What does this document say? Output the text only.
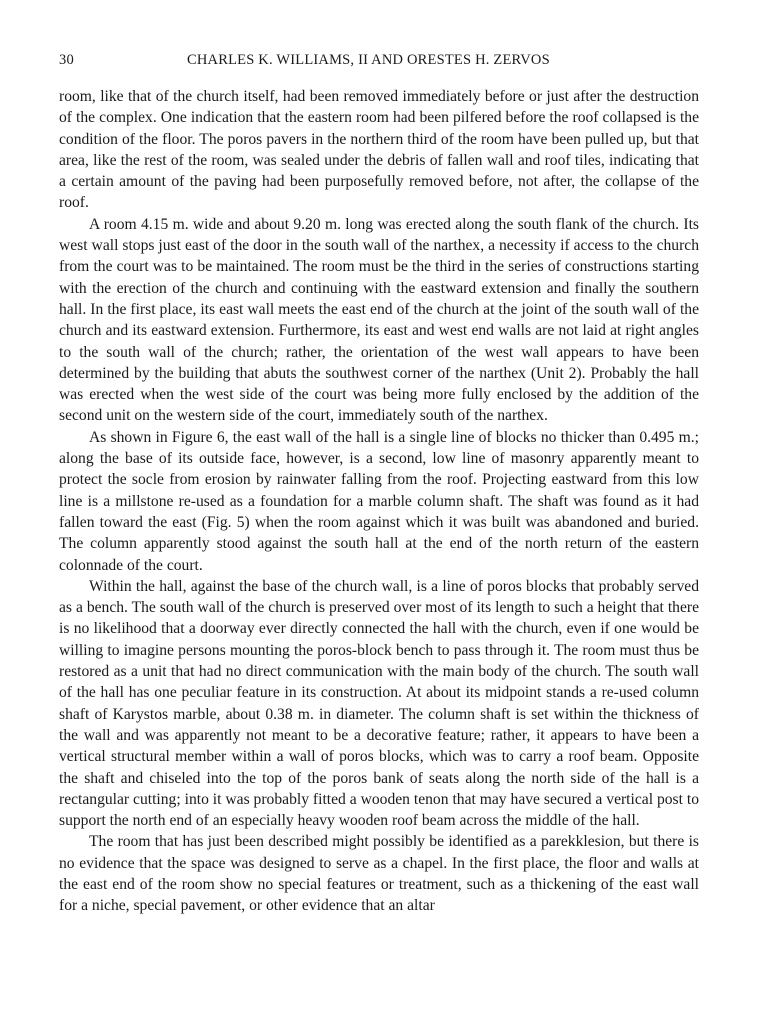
30	CHARLES K. WILLIAMS, II AND ORESTES H. ZERVOS

room, like that of the church itself, had been removed immediately before or just after the destruction of the complex. One indication that the eastern room had been pilfered before the roof collapsed is the condition of the floor. The poros pavers in the northern third of the room have been pulled up, but that area, like the rest of the room, was sealed under the debris of fallen wall and roof tiles, indicating that a certain amount of the paving had been purposefully removed before, not after, the collapse of the roof.

A room 4.15 m. wide and about 9.20 m. long was erected along the south flank of the church. Its west wall stops just east of the door in the south wall of the narthex, a necessity if access to the church from the court was to be maintained. The room must be the third in the series of constructions starting with the erection of the church and continuing with the eastward extension and finally the southern hall. In the first place, its east wall meets the east end of the church at the joint of the south wall of the church and its eastward extension. Furthermore, its east and west end walls are not laid at right angles to the south wall of the church; rather, the orientation of the west wall appears to have been determined by the building that abuts the southwest corner of the narthex (Unit 2). Probably the hall was erected when the west side of the court was being more fully enclosed by the addition of the second unit on the western side of the court, immediately south of the narthex.

As shown in Figure 6, the east wall of the hall is a single line of blocks no thicker than 0.495 m.; along the base of its outside face, however, is a second, low line of masonry apparently meant to protect the socle from erosion by rainwater falling from the roof. Projecting eastward from this low line is a millstone re-used as a foundation for a marble column shaft. The shaft was found as it had fallen toward the east (Fig. 5) when the room against which it was built was abandoned and buried. The column apparently stood against the south hall at the end of the north return of the eastern colonnade of the court.

Within the hall, against the base of the church wall, is a line of poros blocks that probably served as a bench. The south wall of the church is preserved over most of its length to such a height that there is no likelihood that a doorway ever directly connected the hall with the church, even if one would be willing to imagine persons mounting the poros-block bench to pass through it. The room must thus be restored as a unit that had no direct communication with the main body of the church. The south wall of the hall has one peculiar feature in its construction. At about its midpoint stands a re-used column shaft of Karystos marble, about 0.38 m. in diameter. The column shaft is set within the thickness of the wall and was apparently not meant to be a decorative feature; rather, it appears to have been a vertical structural member within a wall of poros blocks, which was to carry a roof beam. Opposite the shaft and chiseled into the top of the poros bank of seats along the north side of the hall is a rectangular cutting; into it was probably fitted a wooden tenon that may have secured a vertical post to support the north end of an especially heavy wooden roof beam across the middle of the hall.

The room that has just been described might possibly be identified as a parekklesion, but there is no evidence that the space was designed to serve as a chapel. In the first place, the floor and walls at the east end of the room show no special features or treatment, such as a thickening of the east wall for a niche, special pavement, or other evidence that an altar
